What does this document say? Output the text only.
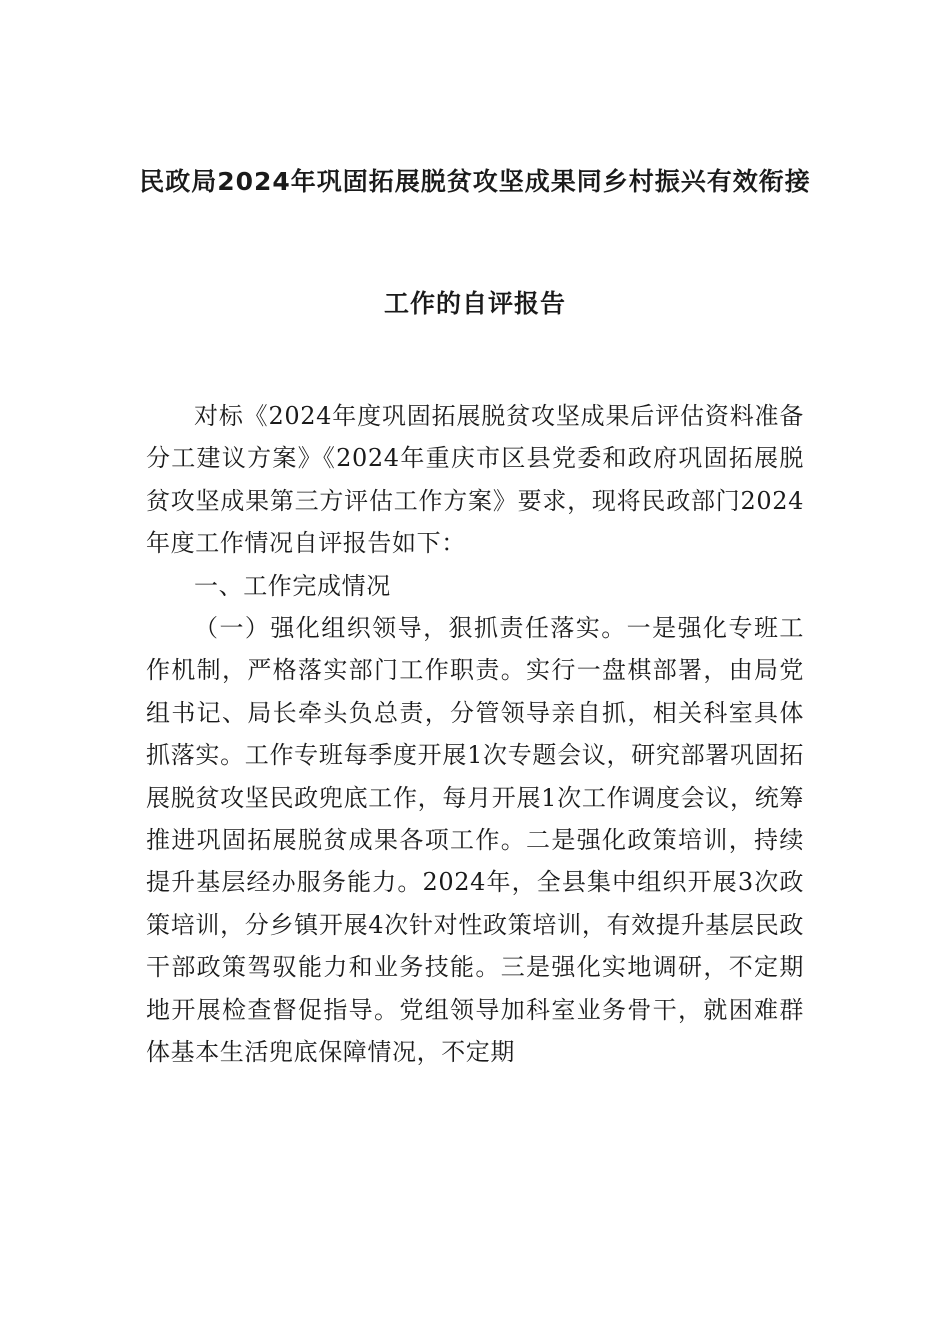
民政局2024年巩固拓展脱贫攻坚成果同乡村振兴有效衔接
工作的自评报告

对标《2024年度巩固拓展脱贫攻坚成果后评估资料准备分工建议方案》《2024年重庆市区县党委和政府巩固拓展脱贫攻坚成果第三方评估工作方案》要求，现将民政部门2024年度工作情况自评报告如下：

一、工作完成情况

（一）强化组织领导，狠抓责任落实。一是强化专班工作机制，严格落实部门工作职责。实行一盘棋部署，由局党组书记、局长牵头负总责，分管领导亲自抓，相关科室具体抓落实。工作专班每季度开展1次专题会议，研究部署巩固拓展脱贫攻坚民政兜底工作，每月开展1次工作调度会议，统筹推进巩固拓展脱贫成果各项工作。二是强化政策培训，持续提升基层经办服务能力。2024年，全县集中组织开展3次政策培训，分乡镇开展4次针对性政策培训，有效提升基层民政干部政策驾驭能力和业务技能。三是强化实地调研，不定期地开展检查督促指导。党组领导加科室业务骨干，就困难群体基本生活兜底保障情况，不定期
